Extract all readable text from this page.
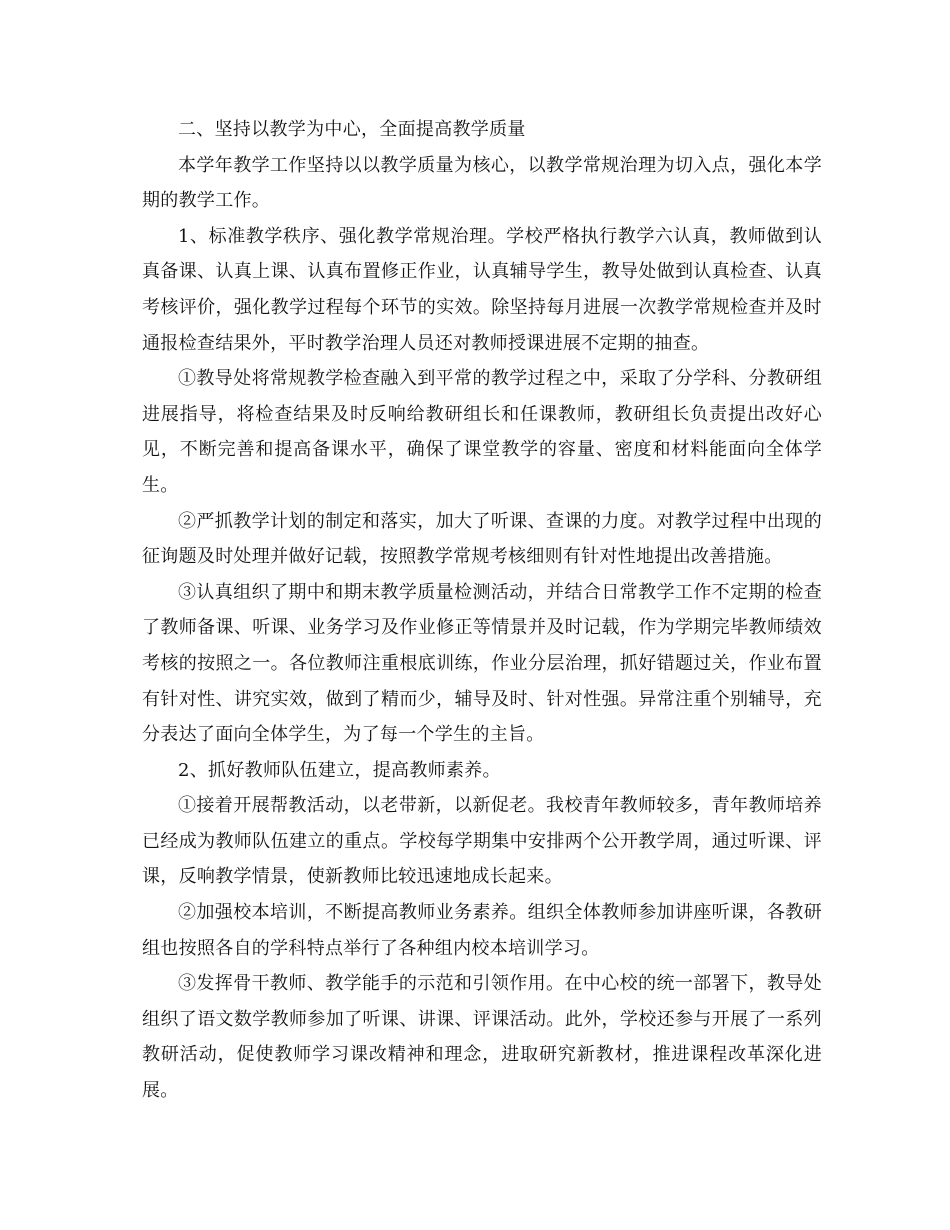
二、坚持以教学为中心，全面提高教学质量

本学年教学工作坚持以以教学质量为核心，以教学常规治理为切入点，强化本学期的教学工作。

1、标准教学秩序、强化教学常规治理。学校严格执行教学六认真，教师做到认真备课、认真上课、认真布置修正作业，认真辅导学生，教导处做到认真检查、认真考核评价，强化教学过程每个环节的实效。除坚持每月进展一次教学常规检查并及时通报检查结果外，平时教学治理人员还对教师授课进展不定期的抽查。

①教导处将常规教学检查融入到平常的教学过程之中，采取了分学科、分教研组进展指导，将检查结果及时反响给教研组长和任课教师，教研组长负责提出改好心见，不断完善和提高备课水平，确保了课堂教学的容量、密度和材料能面向全体学生。

②严抓教学计划的制定和落实，加大了听课、查课的力度。对教学过程中出现的征询题及时处理并做好记载，按照教学常规考核细则有针对性地提出改善措施。

③认真组织了期中和期末教学质量检测活动，并结合日常教学工作不定期的检查了教师备课、听课、业务学习及作业修正等情景并及时记载，作为学期完毕教师绩效考核的按照之一。各位教师注重根底训练，作业分层治理，抓好错题过关，作业布置有针对性、讲究实效，做到了精而少，辅导及时、针对性强。异常注重个别辅导，充分表达了面向全体学生，为了每一个学生的主旨。

2、抓好教师队伍建立，提高教师素养。

①接着开展帮教活动，以老带新，以新促老。我校青年教师较多，青年教师培养已经成为教师队伍建立的重点。学校每学期集中安排两个公开教学周，通过听课、评课，反响教学情景，使新教师比较迅速地成长起来。

②加强校本培训，不断提高教师业务素养。组织全体教师参加讲座听课，各教研组也按照各自的学科特点举行了各种组内校本培训学习。

③发挥骨干教师、教学能手的示范和引领作用。在中心校的统一部署下，教导处组织了语文数学教师参加了听课、讲课、评课活动。此外，学校还参与开展了一系列教研活动，促使教师学习课改精神和理念，进取研究新教材，推进课程改革深化进展。
